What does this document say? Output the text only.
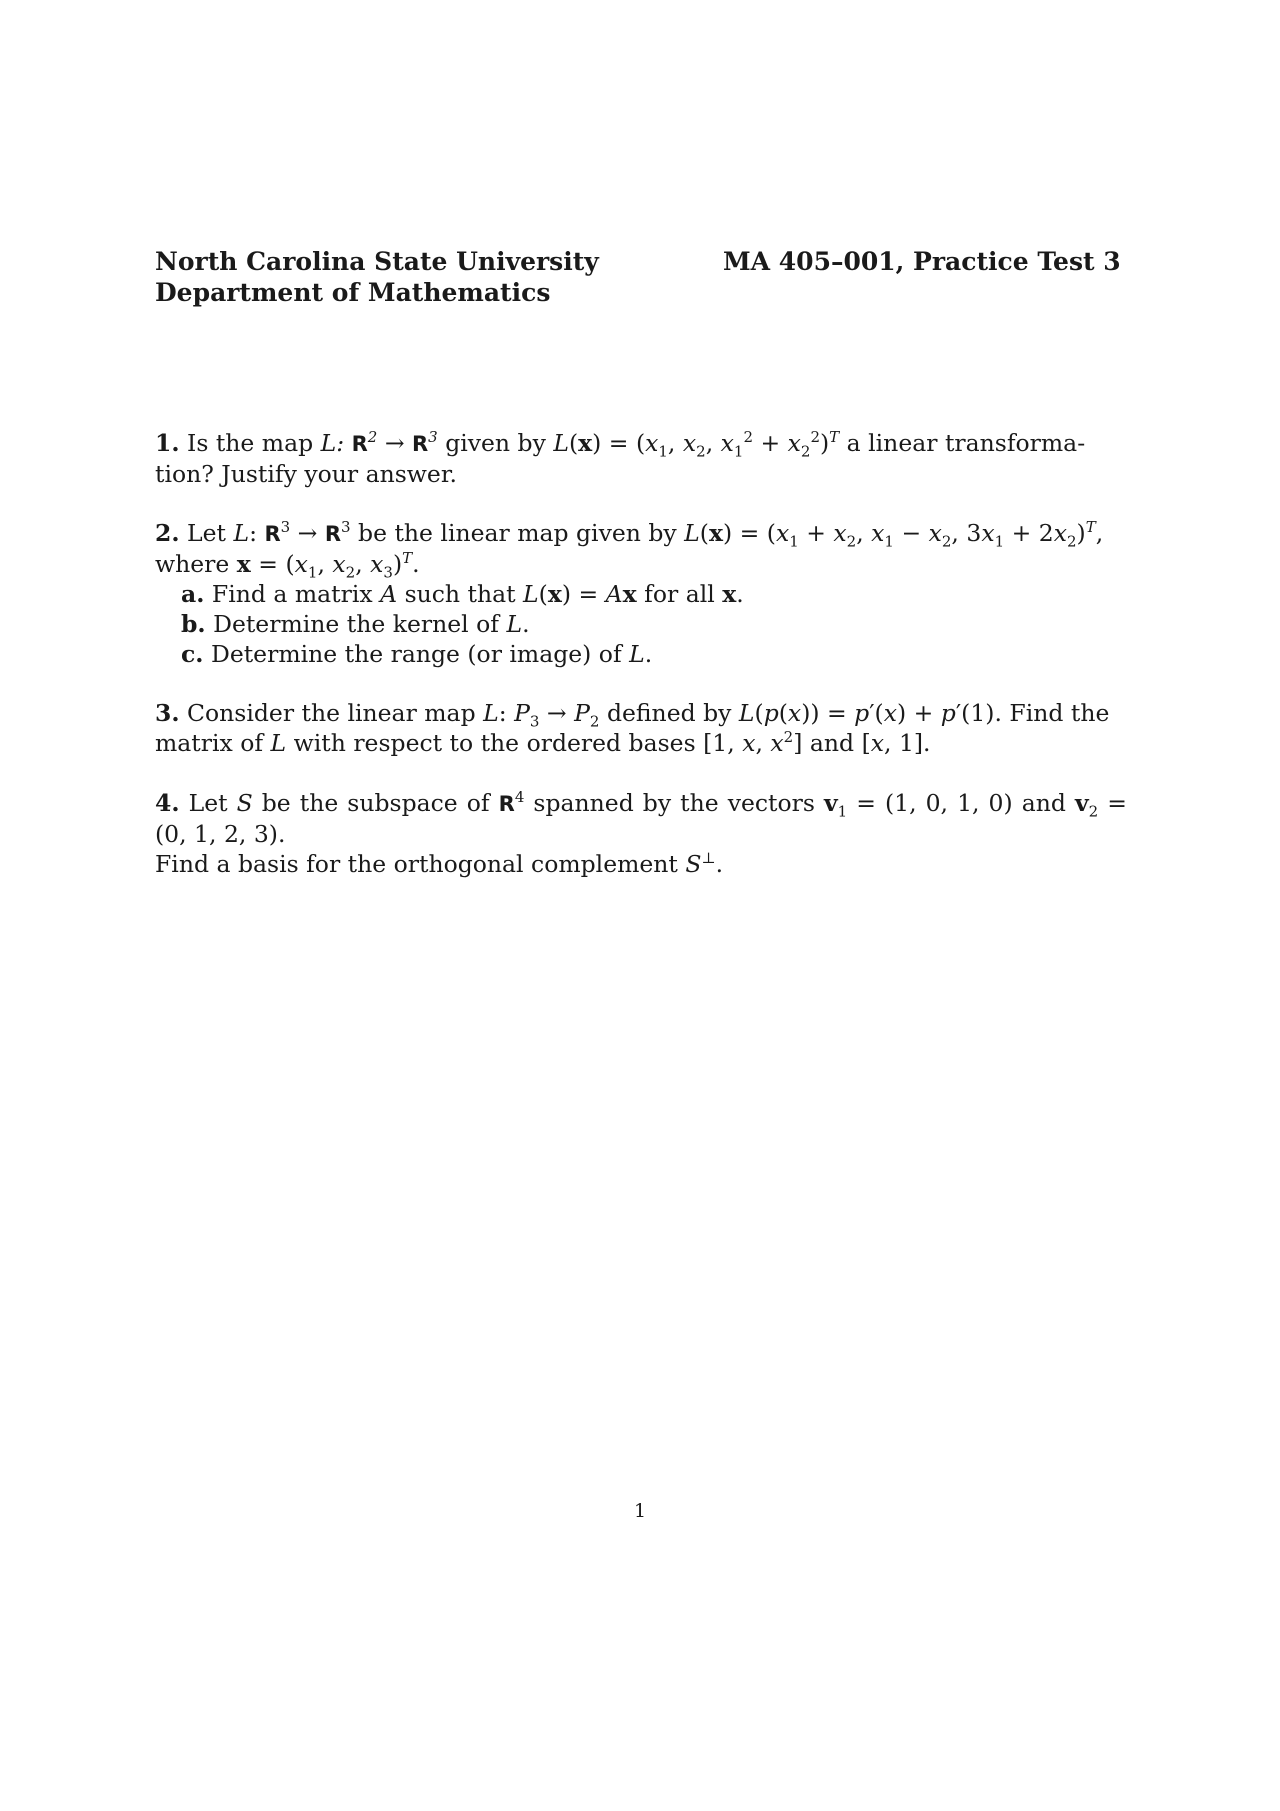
North Carolina State University
Department of Mathematics
MA 405–001, Practice Test 3

1. Is the map L: $R^2 \to R^3$ given by $L(x) = (x_1$, $x_2$, $x_1^2 + x_2^2)^T$ a linear transforma-

tion? Justify your answer.

2. Let L: $R^3 \to R^3$ be the linear map given by $L(x) = (x_1 + x_2$, $x_1 - x_2$, $3x_1 + 2x_2)^T$,

where $x = (x_1$, $x_2$, $x_3)^T$.

a. Find a matrix A such that L(x) = Ax for all x.

b. Determine the kernel of L.

c. Determine the range (or image) of L.

3. Consider the linear map L: $P_3 \to P_2$ defined by L(p(x)) = p′(x) + p′(1). Find the

matrix of L with respect to the ordered bases [1, x, $x^2$] and [x, 1].

4. Let S be the subspace of $R^4$ spanned by the vectors $v_1 = (1$, 0, 1, 0) and $v_2 = (0$, 1, 2, 3).

Find a basis for the orthogonal complement S⊥.

1
